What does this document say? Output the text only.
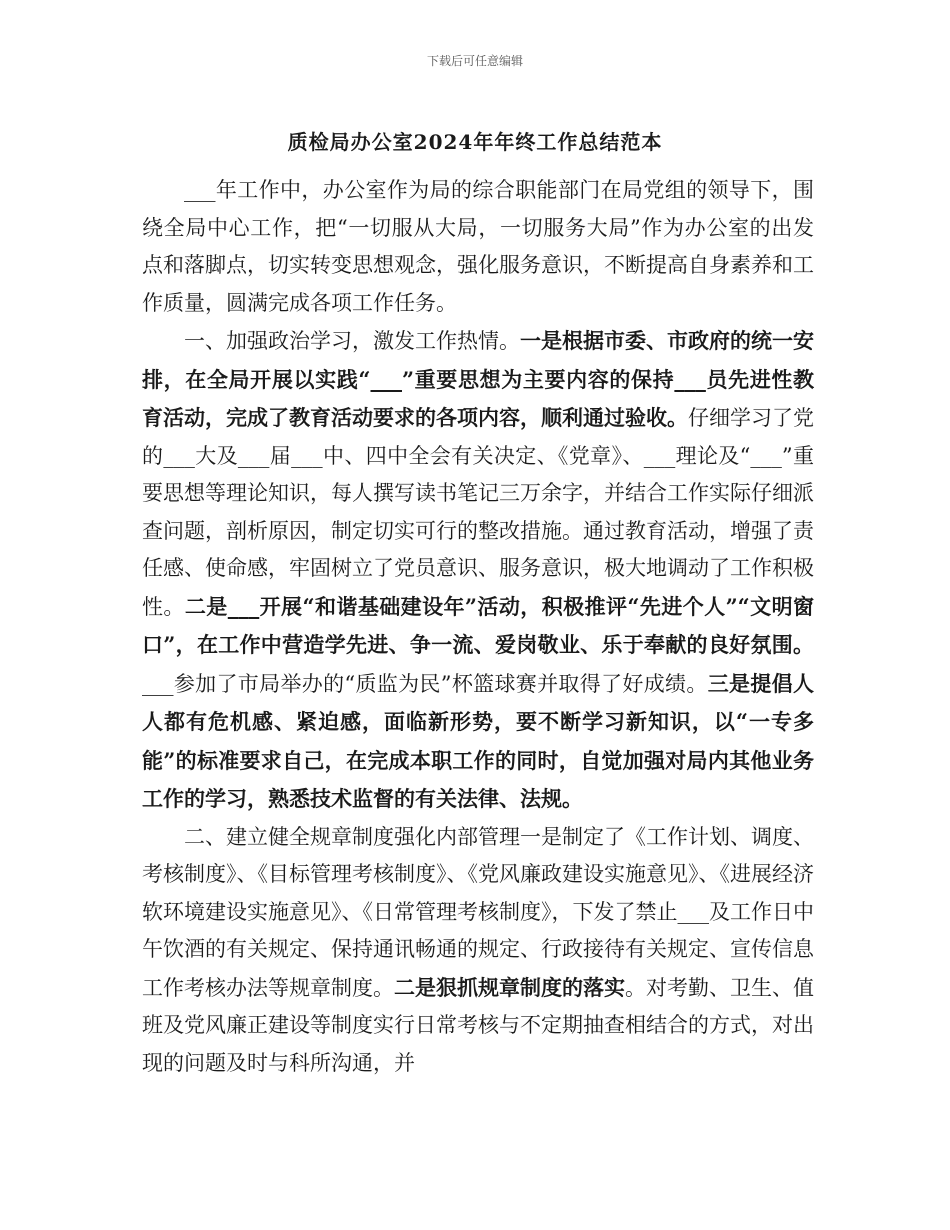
下载后可任意编辑
质检局办公室2024年年终工作总结范本

___年工作中，办公室作为局的综合职能部门在局党组的领导下，围绕全局中心工作，把“一切服从大局，一切服务大局”作为办公室的出发点和落脚点，切实转变思想观念，强化服务意识，不断提高自身素养和工作质量，圆满完成各项工作任务。

一、加强政治学习，激发工作热情。一是根据市委、市政府的统一安排，在全局开展以实践“___”重要思想为主要内容的保持___员先进性教育活动，完成了教育活动要求的各项内容，顺利通过验收。仔细学习了党的___大及___届___中、四中全会有关决定、《党章》、___理论及“___”重要思想等理论知识，每人撰写读书笔记三万余字，并结合工作实际仔细派查问题，剖析原因，制定切实可行的整改措施。通过教育活动，增强了责任感、使命感，牢固树立了党员意识、服务意识，极大地调动了工作积极性。二是___开展“和谐基础建设年”活动，积极推评“先进个人”“文明窗口”，在工作中营造学先进、争一流、爱岗敬业、乐于奉献的良好氛围。___参加了市局举办的“质监为民”杯篮球赛并取得了好成绩。三是提倡人人都有危机感、紧迫感，面临新形势，要不断学习新知识，以“一专多能”的标准要求自己，在完成本职工作的同时，自觉加强对局内其他业务工作的学习，熟悉技术监督的有关法律、法规。

二、建立健全规章制度强化内部管理一是制定了《工作计划、调度、考核制度》、《目标管理考核制度》、《党风廉政建设实施意见》、《进展经济软环境建设实施意见》、《日常管理考核制度》，下发了禁止___及工作日中午饮酒的有关规定、保持通讯畅通的规定、行政接待有关规定、宣传信息工作考核办法等规章制度。二是狠抓规章制度的落实。对考勤、卫生、值班及党风廉正建设等制度实行日常考核与不定期抽查相结合的方式，对出现的问题及时与科所沟通，并
